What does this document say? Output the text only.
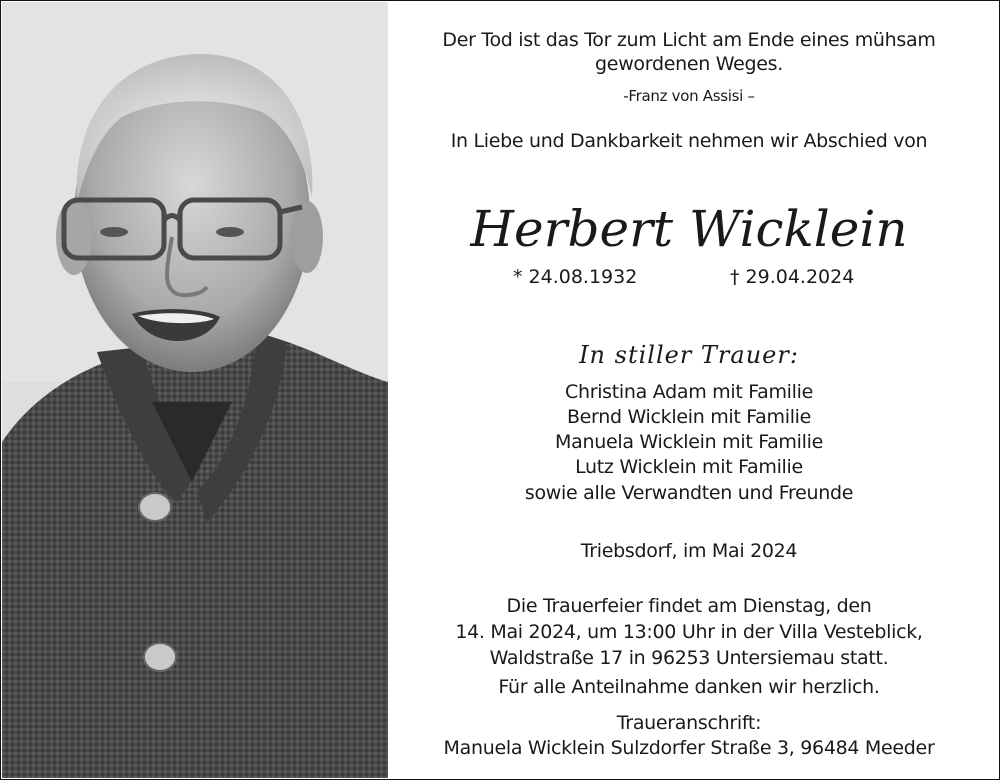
Der Tod ist das Tor zum Licht am Ende eines mühsam
gewordenen Weges.
-Franz von Assisi –
In Liebe und Dankbarkeit nehmen wir Abschied von
Herbert Wicklein
* 24.08.1932	† 29.04.2024
In stiller Trauer:
Christina Adam mit Familie
Bernd Wicklein mit Familie
Manuela Wicklein mit Familie
Lutz Wicklein mit Familie
sowie alle Verwandten und Freunde
Triebsdorf, im Mai 2024
Die Trauerfeier findet am Dienstag, den
14. Mai 2024, um 13:00 Uhr in der Villa Vesteblick,
Waldstraße 17 in 96253 Untersiemau statt.
Für alle Anteilnahme danken wir herzlich.
Traueranschrift:
Manuela Wicklein Sulzdorfer Straße 3, 96484 Meeder
